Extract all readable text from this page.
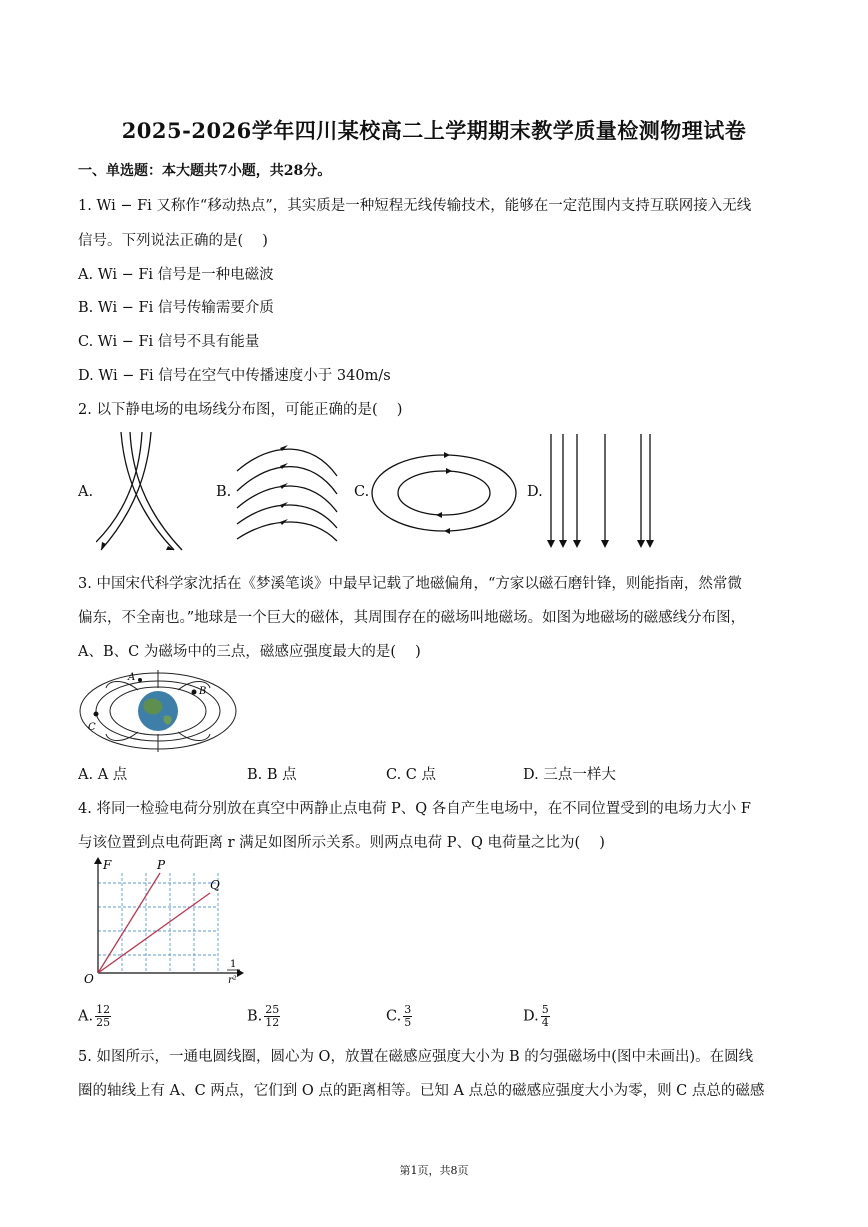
2025-2026学年四川某校高二上学期期末教学质量检测物理试卷
一、单选题：本大题共7小题，共28分。
1. Wi − Fi 又称作“移动热点”，其实质是一种短程无线传输技术，能够在一定范围内支持互联网接入无线
信号。下列说法正确的是(　 )
A. Wi − Fi 信号是一种电磁波
B. Wi − Fi 信号传输需要介质
C. Wi − Fi 信号不具有能量
D. Wi − Fi 信号在空气中传播速度小于 340m/s
2. 以下静电场的电场线分布图，可能正确的是(　 )
A.	B.	C.	D.
3. 中国宋代科学家沈括在《梦溪笔谈》中最早记载了地磁偏角，“方家以磁石磨针锋，则能指南，然常微
偏东，不全南也。”地球是一个巨大的磁体，其周围存在的磁场叫地磁场。如图为地磁场的磁感线分布图，
A、B、C 为磁场中的三点，磁感应强度最大的是(　 )
B
C
A
A. A 点	B. B 点	C. C 点	D. 三点一样大
4. 将同一检验电荷分别放在真空中两静止点电荷 P、Q 各自产生电场中，在不同位置受到的电场力大小 F
与该位置到点电荷距离 r 满足如图所示关系。则两点电荷 P、Q 电荷量之比为(　 )
F
O
P
Q
1
r²
A. $\frac{12}{25}$	B. $\frac{25}{12}$	C. $\frac{3}{5}$	D. $\frac{5}{4}$
5. 如图所示，一通电圆线圈，圆心为 O，放置在磁感应强度大小为 B 的匀强磁场中(图中未画出)。在圆线
圈的轴线上有 A、C 两点，它们到 O 点的距离相等。已知 A 点总的磁感应强度大小为零，则 C 点总的磁感
第1页，共8页
